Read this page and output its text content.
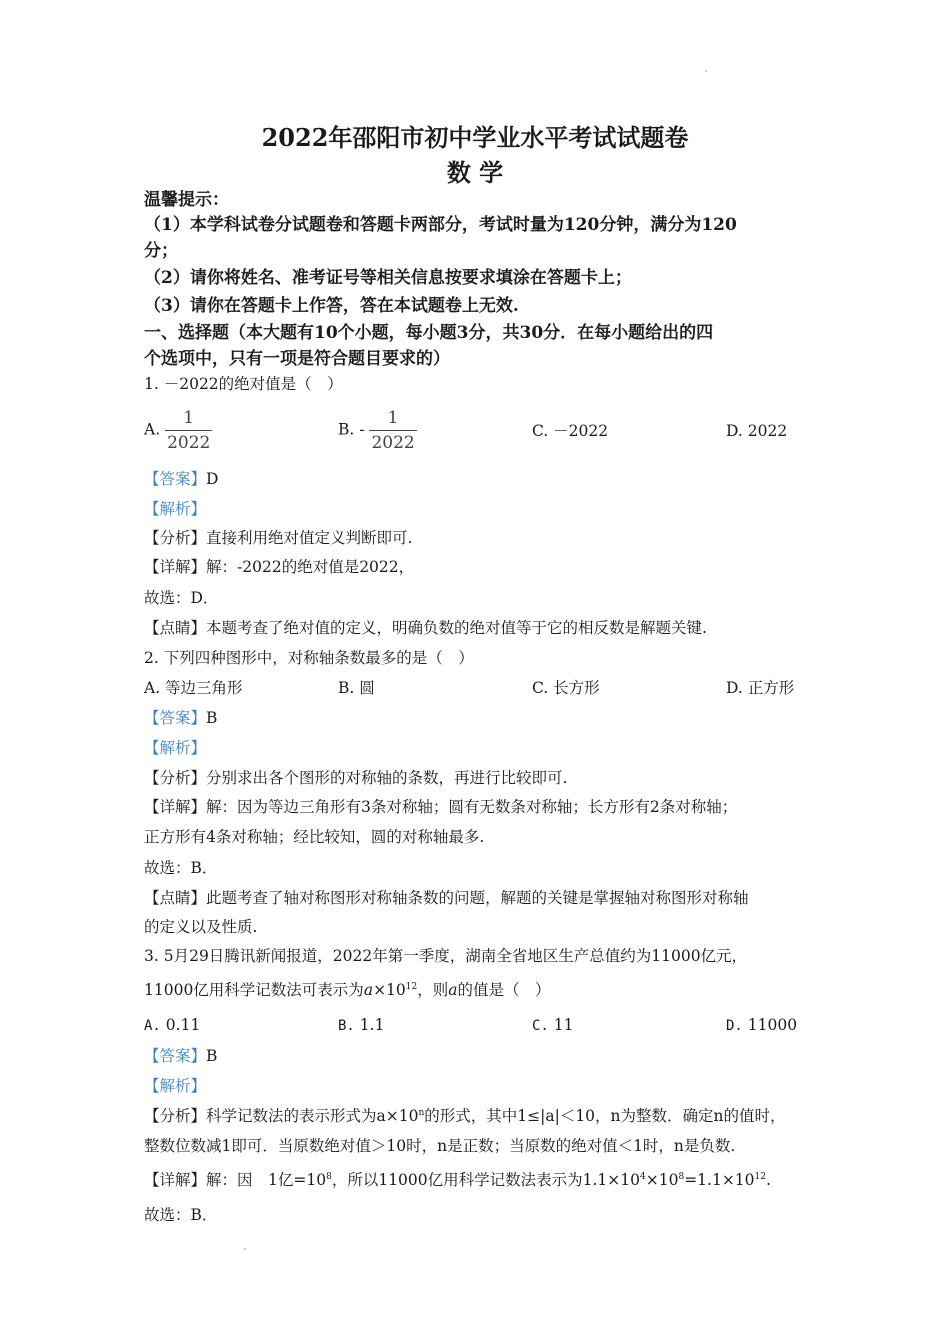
2022年邵阳市初中学业水平考试试题卷
数 学
温馨提示：
（1）本学科试卷分试题卷和答题卡两部分，考试时量为120分钟，满分为120
分；
（2）请你将姓名、准考证号等相关信息按要求填涂在答题卡上；
（3）请你在答题卡上作答，答在本试题卷上无效.
一、选择题（本大题有10个小题，每小题3分，共30分．在每小题给出的四
个选项中，只有一项是符合题目要求的）
1. －2022的绝对值是（　）
A. $\frac{1}{2022}$	B. - $\frac{1}{2022}$	C. －2022	D. 2022
【答案】D
【解析】
【分析】直接利用绝对值定义判断即可.
【详解】解：-2022的绝对值是2022，
故选：D．
【点睛】本题考查了绝对值的定义，明确负数的绝对值等于它的相反数是解题关键.
2. 下列四种图形中，对称轴条数最多的是（　）
A. 等边三角形	B. 圆	C. 长方形	D. 正方形
【答案】B
【解析】
【分析】分别求出各个图形的对称轴的条数，再进行比较即可.
【详解】解：因为等边三角形有3条对称轴；圆有无数条对称轴；长方形有2条对称轴；
正方形有4条对称轴；经比较知，圆的对称轴最多.
故选：B．
【点睛】此题考查了轴对称图形对称轴条数的问题，解题的关键是掌握轴对称图形对称轴
的定义以及性质.
3. 5月29日腾讯新闻报道，2022年第一季度，湖南全省地区生产总值约为11000亿元，
11000亿用科学记数法可表示为$a\times 10^{12}$，则a的值是（　）
A. 0.11	B. 1.1	C. 11	D. 11000
【答案】B
【解析】
【分析】科学记数法的表示形式为$a\times 10^n$的形式，其中1≤|a|＜10，n为整数．确定n的值时，
整数位数减1即可．当原数绝对值＞10时，n是正数；当原数的绝对值＜1时，n是负数.
【详解】解：因　1亿$=10^8$，所以11000亿用科学记数法表示为$1.1\times 10^4\times 10^8=1.1\times 10^{12}$.
故选：B．
